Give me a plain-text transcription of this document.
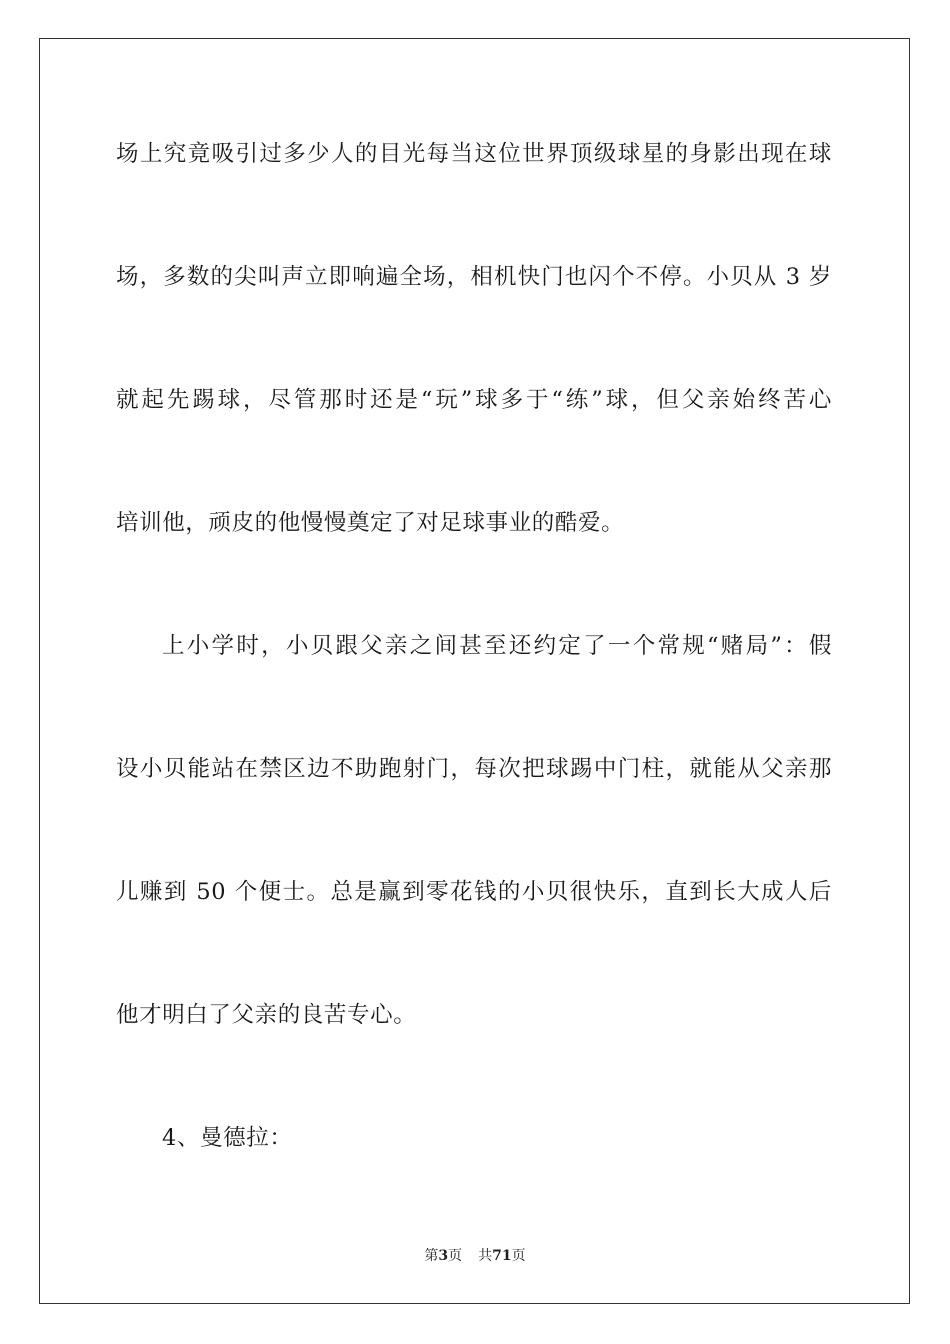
场上究竟吸引过多少人的目光每当这位世界顶级球星的身影出现在球
场，多数的尖叫声立即响遍全场，相机快门也闪个不停。小贝从 3 岁
就起先踢球，尽管那时还是“玩”球多于“练”球，但父亲始终苦心
培训他，顽皮的他慢慢奠定了对足球事业的酷爱。
上小学时，小贝跟父亲之间甚至还约定了一个常规“赌局”：假
设小贝能站在禁区边不助跑射门，每次把球踢中门柱，就能从父亲那
儿赚到 50 个便士。总是赢到零花钱的小贝很快乐，直到长大成人后
他才明白了父亲的良苦专心。
4、曼德拉：
第3页 共71页
